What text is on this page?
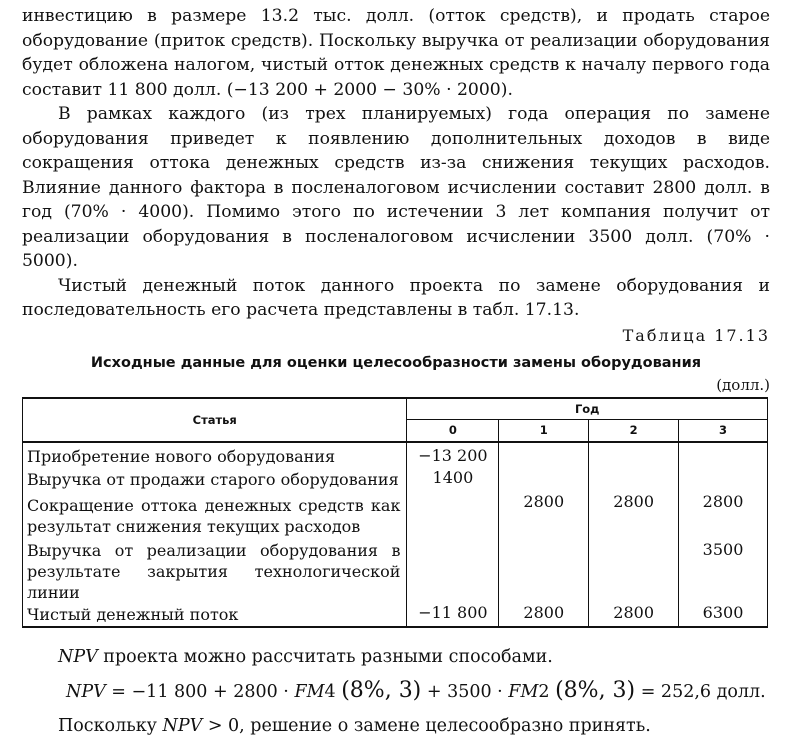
инвестицию в размере 13.2 тыс. долл. (отток средств), и продать старое оборудование (приток средств). Поскольку выручка от реализации оборудования будет обложена налогом, чистый отток денежных средств к началу первого года составит 11 800 долл. (−13 200 + 2000 − 30% · 2000).

В рамках каждого (из трех планируемых) года операция по замене оборудования приведет к появлению дополнительных доходов в виде сокращения оттока денежных средств из-за снижения текущих расходов. Влияние данного фактора в посленалоговом исчислении составит 2800 долл. в год (70% · 4000). Помимо этого по истечении 3 лет компания получит от реализации оборудования в посленалоговом исчислении 3500 долл. (70% · 5000).

Чистый денежный поток данного проекта по замене оборудования и последовательность его расчета представлены в табл. 17.13.

Таблица 17.13
Исходные данные для оценки целесообразности замены оборудования
(долл.)
Статья	Год			
	0	1	2	3
Приобретение нового оборудования	−13 200			
Выручка от продажи старого оборудования	1400			
Сокращение оттока денежных средств как результат снижения текущих расходов		2800	2800	2800
Выручка от реализации оборудования в результате закрытия технологической линии				3500
Чистый денежный поток	−11 800	2800	2800	6300

NPV проекта можно рассчитать разными способами.

NPV = −11 800 + 2800 · FM4 (8%, 3) + 3500 · FM2 (8%, 3) = 252,6 долл.

Поскольку NPV > 0, решение о замене целесообразно принять.
